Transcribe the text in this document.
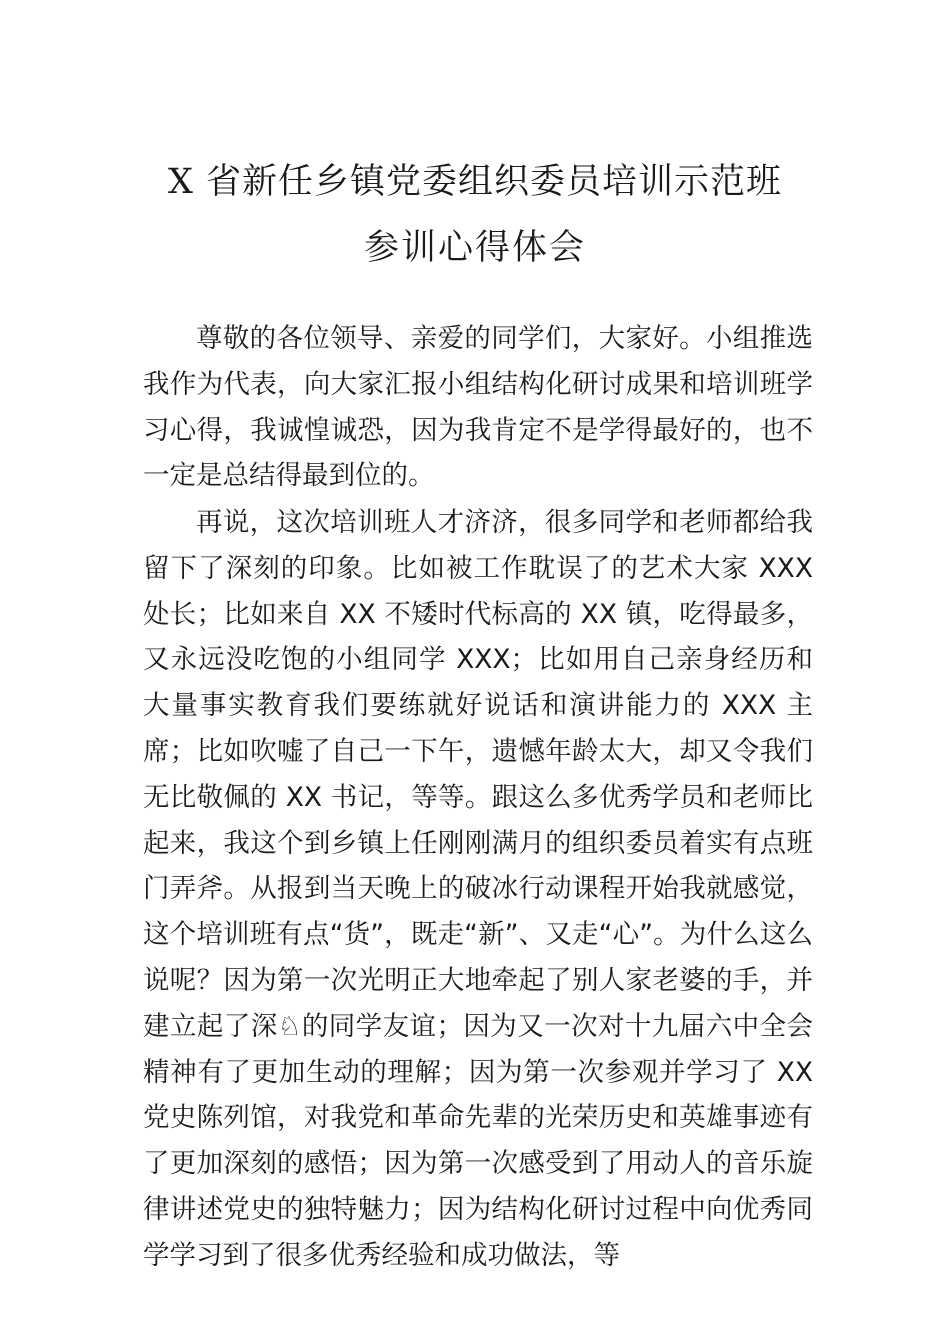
X 省新任乡镇党委组织委员培训示范班
参训心得体会

尊敬的各位领导、亲爱的同学们，大家好。小组推选我作为代表，向大家汇报小组结构化研讨成果和培训班学习心得，我诚惶诚恐，因为我肯定不是学得最好的，也不一定是总结得最到位的。

再说，这次培训班人才济济，很多同学和老师都给我留下了深刻的印象。比如被工作耽误了的艺术大家 XXX 处长；比如来自 XX 不矮时代标高的 XX 镇，吃得最多，又永远没吃饱的小组同学 XXX；比如用自己亲身经历和大量事实教育我们要练就好说话和演讲能力的 XXX 主席；比如吹嘘了自己一下午，遗憾年龄太大，却又令我们无比敬佩的 XX 书记，等等。跟这么多优秀学员和老师比起来，我这个到乡镇上任刚刚满月的组织委员着实有点班门弄斧。从报到当天晚上的破冰行动课程开始我就感觉，这个培训班有点“货”，既走“新”、又走“心”。为什么这么说呢？因为第一次光明正大地牵起了别人家老婆的手，并建立起了深♘的同学友谊；因为又一次对十九届六中全会精神有了更加生动的理解；因为第一次参观并学习了 XX 党史陈列馆，对我党和革命先辈的光荣历史和英雄事迹有了更加深刻的感悟；因为第一次感受到了用动人的音乐旋律讲述党史的独特魅力；因为结构化研讨过程中向优秀同学学习到了很多优秀经验和成功做法，等
